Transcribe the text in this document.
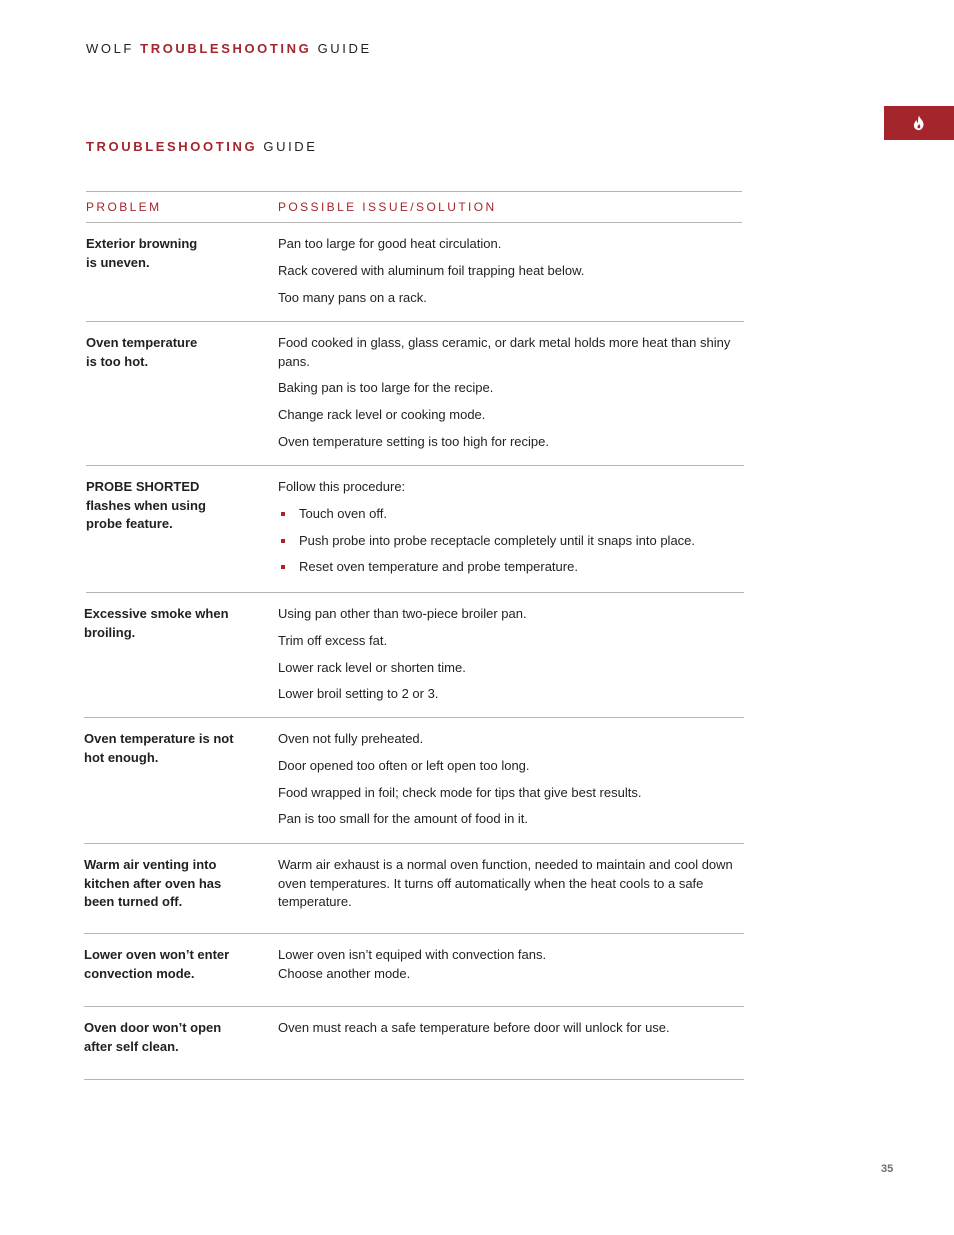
WOLF TROUBLESHOOTING GUIDE
TROUBLESHOOTING GUIDE
PROBLEM	POSSIBLE ISSUE/SOLUTION
Exterior browning
is uneven.

Pan too large for good heat circulation.

Rack covered with aluminum foil trapping heat below.

Too many pans on a rack.

Oven temperature
is too hot.

Food cooked in glass, glass ceramic, or dark metal holds more heat than shiny pans.

Baking pan is too large for the recipe.

Change rack level or cooking mode.

Oven temperature setting is too high for recipe.

PROBE SHORTED
flashes when using
probe feature.

Follow this procedure:

Touch oven off.
Push probe into probe receptacle completely until it snaps into place.
Reset oven temperature and probe temperature.
Excessive smoke when
broiling.

Using pan other than two-piece broiler pan.

Trim off excess fat.

Lower rack level or shorten time.

Lower broil setting to 2 or 3.

Oven temperature is not
hot enough.

Oven not fully preheated.

Door opened too often or left open too long.

Food wrapped in foil; check mode for tips that give best results.

Pan is too small for the amount of food in it.

Warm air venting into
kitchen after oven has
been turned off.

Warm air exhaust is a normal oven function, needed to maintain and cool down oven temperatures. It turns off automatically when the heat cools to a safe temperature.

Lower oven won’t enter
convection mode.
Lower oven isn’t equiped with convection fans.
Choose another mode.
Oven door won’t open
after self clean.

Oven must reach a safe temperature before door will unlock for use.

35
